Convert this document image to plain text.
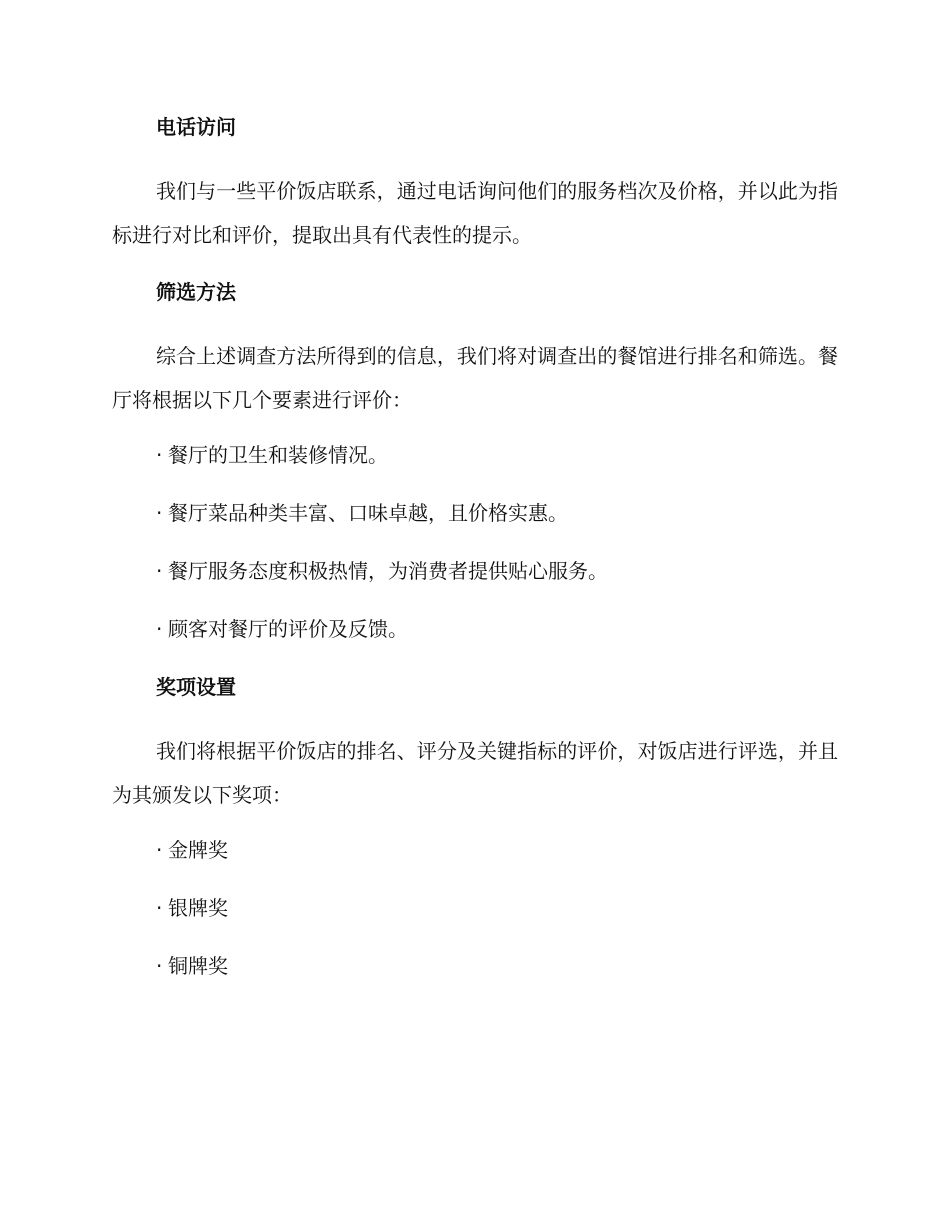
电话访问

我们与一些平价饭店联系，通过电话询问他们的服务档次及价格，并以此为指标进行对比和评价，提取出具有代表性的提示。

筛选方法

综合上述调查方法所得到的信息，我们将对调查出的餐馆进行排名和筛选。餐厅将根据以下几个要素进行评价：

· 餐厅的卫生和装修情况。
· 餐厅菜品种类丰富、口味卓越，且价格实惠。
· 餐厅服务态度积极热情，为消费者提供贴心服务。
· 顾客对餐厅的评价及反馈。
奖项设置

我们将根据平价饭店的排名、评分及关键指标的评价，对饭店进行评选，并且为其颁发以下奖项：

· 金牌奖
· 银牌奖
· 铜牌奖
